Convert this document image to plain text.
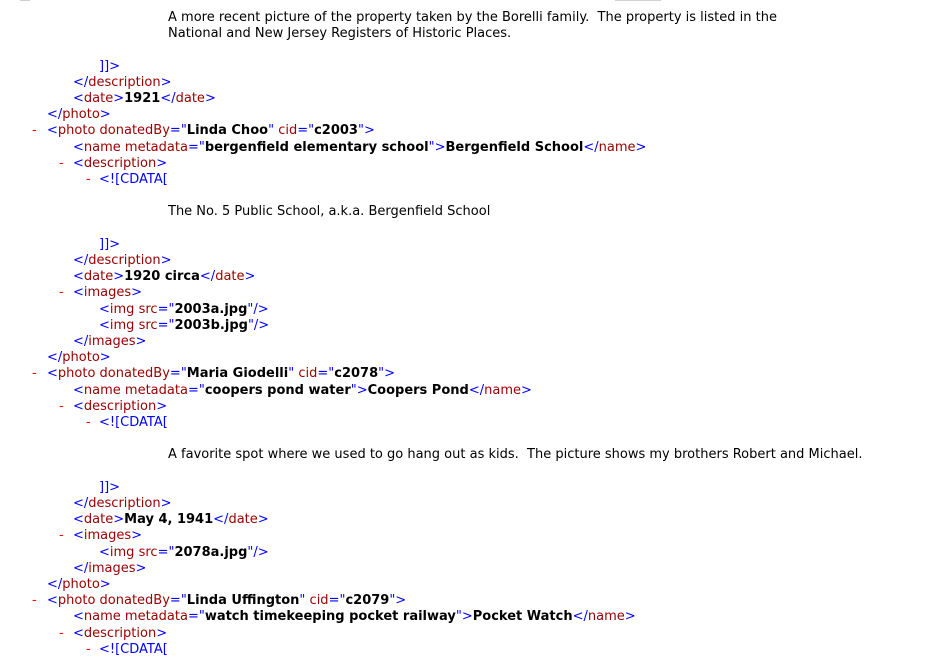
A more recent picture of the property taken by the Borelli family.  The property is listed in the
National and New Jersey Registers of Historic Places.
]]>
</description>
<date>1921</date>
</photo>
- <photo donatedBy="Linda Choo" cid="c2003">
<name metadata="bergenfield elementary school">Bergenfield School</name>
- <description>
- <![CDATA[
The No. 5 Public School, a.k.a. Bergenfield School
]]>
</description>
<date>1920 circa</date>
- <images>
<img src="2003a.jpg"/>
<img src="2003b.jpg"/>
</images>
</photo>
- <photo donatedBy="Maria Giodelli" cid="c2078">
<name metadata="coopers pond water">Coopers Pond</name>
- <description>
- <![CDATA[
A favorite spot where we used to go hang out as kids.  The picture shows my brothers Robert and Michael.
]]>
</description>
<date>May 4, 1941</date>
- <images>
<img src="2078a.jpg"/>
</images>
</photo>
- <photo donatedBy="Linda Uffington" cid="c2079">
<name metadata="watch timekeeping pocket railway">Pocket Watch</name>
- <description>
- <![CDATA[
